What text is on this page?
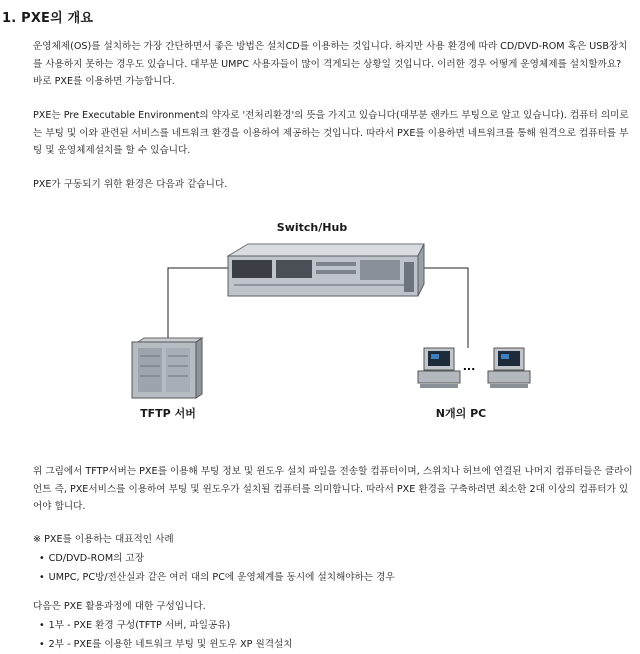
1. PXE의 개요

운영체제(OS)를 설치하는 가장 간단하면서 좋은 방법은 설치CD를 이용하는 것입니다. 하지만 사용 환경에 따라 CD/DVD-ROM 혹은 USB장치를 사용하지 못하는 경우도 있습니다. 대부분 UMPC 사용자들이 많이 격게되는 상황일 것입니다. 이러한 경우 어떻게 운영체제를 설치할까요? 바로 PXE를 이용하면 가능합니다.

PXE는 Pre Executable Environment의 약자로 '전처리환경'의 뜻을 가지고 있습니다(대부분 랜카드 부팅으로 알고 있습니다). 컴퓨터 의미로는 부팅 및 이와 관련된 서비스를 네트워크 환경을 이용하여 제공하는 것입니다. 따라서 PXE를 이용하면 네트워크를 통해 원격으로 컴퓨터를 부팅 및 운영체제설치를 할 수 있습니다.

PXE가 구동되기 위한 환경은 다음과 같습니다.

...
Switch/Hub
TFTP 서버	N개의 PC

위 그림에서 TFTP서버는 PXE를 이용해 부팅 정보 및 윈도우 설치 파일을 전송할 컴퓨터이며, 스위치나 허브에 연결된 나머지 컴퓨터들은 클라이언트 즉, PXE서비스를 이용하여 부팅 및 윈도우가 설치될 컴퓨터를 의미합니다. 따라서 PXE 환경을 구축하려면 최소한 2대 이상의 컴퓨터가 있어야 합니다.

※ PXE를 이용하는 대표적인 사례
• CD/DVD-ROM의 고장
• UMPC, PC방/전산실과 같은 여러 대의 PC에 운영체계를 동시에 설치해야하는 경우
다음은 PXE 활용과정에 대한 구성입니다.
• 1부 - PXE 환경 구성(TFTP 서버, 파일공유)
• 2부 - PXE를 이용한 네트워크 부팅 및 윈도우 XP 원격설치
